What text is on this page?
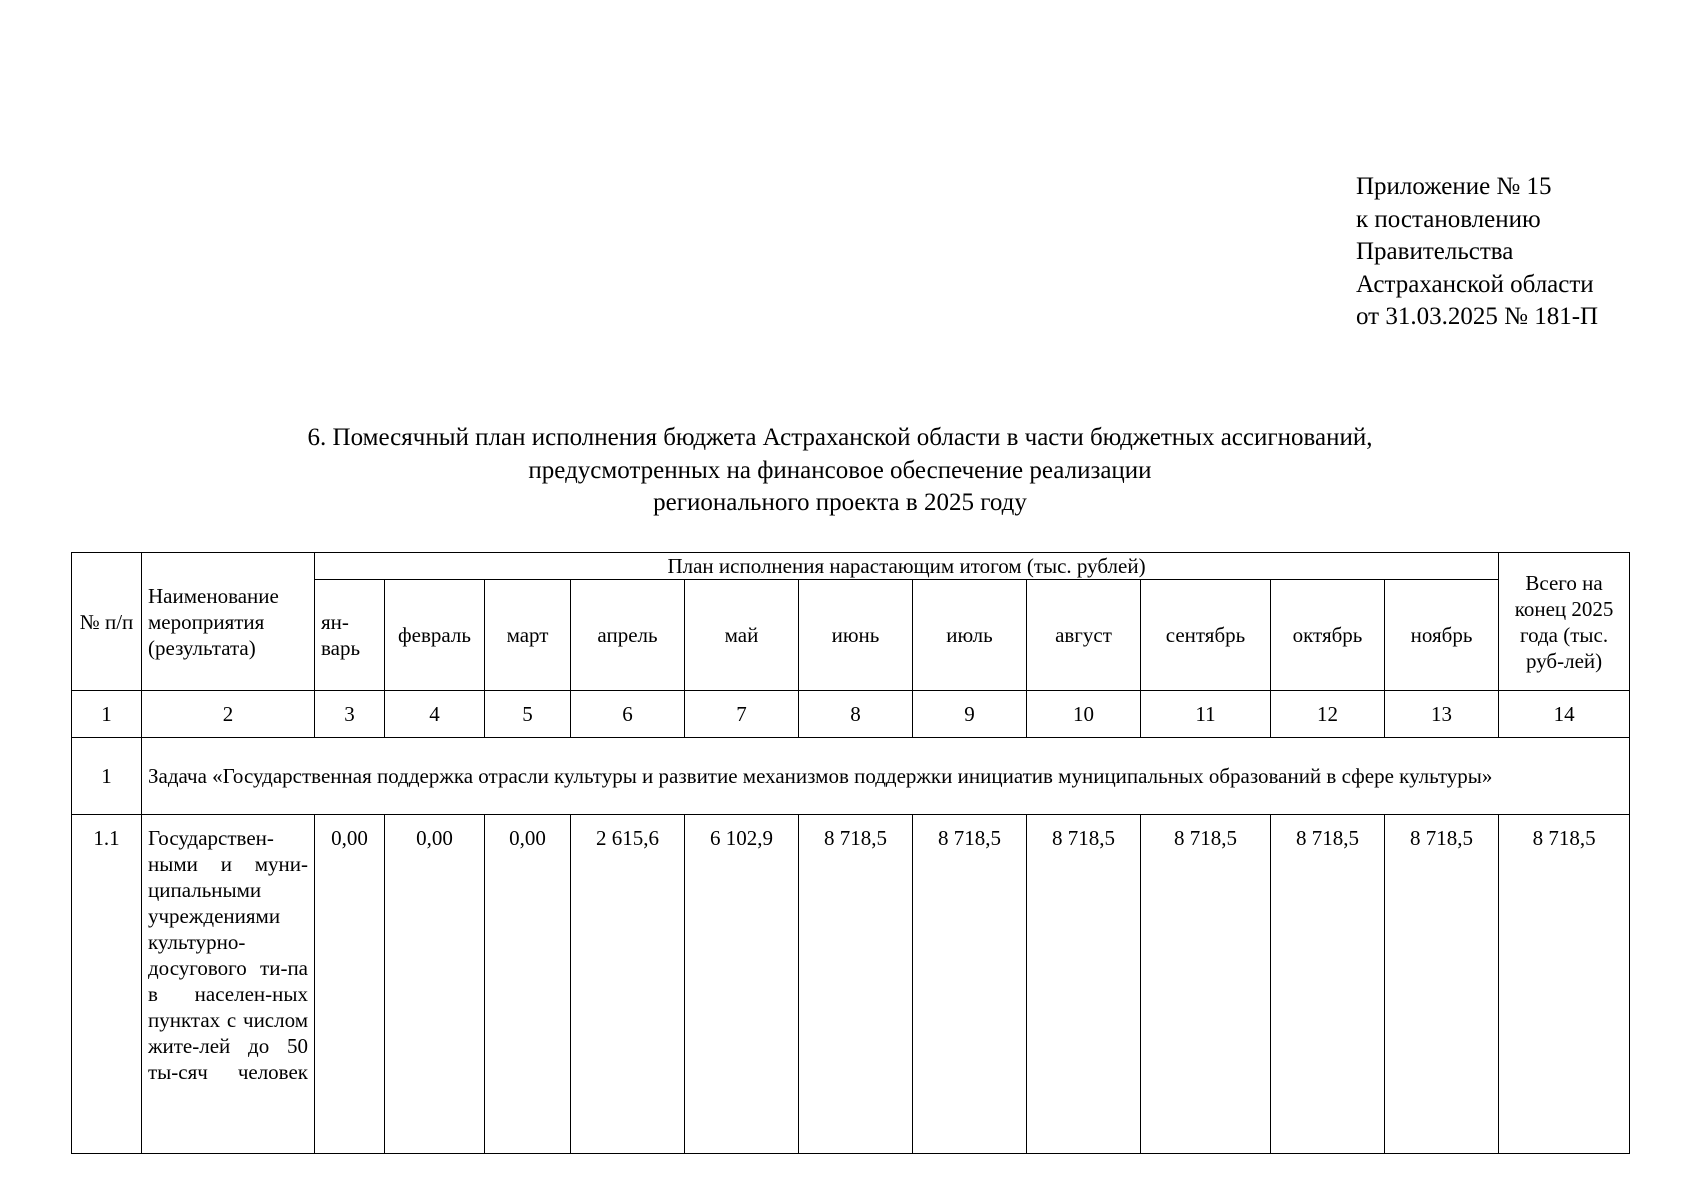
Приложение № 15
к постановлению
Правительства
Астраханской области
от 31.03.2025 № 181-П
6. Помесячный план исполнения бюджета Астраханской области в части бюджетных ассигнований,
предусмотренных на финансовое обеспечение реализации
регионального проекта в 2025 году
№ п/п	Наименование мероприятия (результата)	План исполнения нарастающим итогом (тыс. рублей)											Всего на конец 2025 года (тыс. руб-лей)
		ян-варь	февраль	март	апрель	май	июнь	июль	август	сентябрь	октябрь	ноябрь	
1	2	3	4	5	6	7	8	9	10	11	12	13	14
1	Задача «Государственная поддержка отрасли культуры и развитие механизмов поддержки инициатив муниципальных образований в сфере культуры»												
1.1	Государствен-ными и муни-ципальными учреждениями культурно-досугового ти-па в населен-ных пунктах с числом жите-лей до 50 ты-сяч человек	0,00	0,00	0,00	2 615,6	6 102,9	8 718,5	8 718,5	8 718,5	8 718,5	8 718,5	8 718,5	8 718,5
